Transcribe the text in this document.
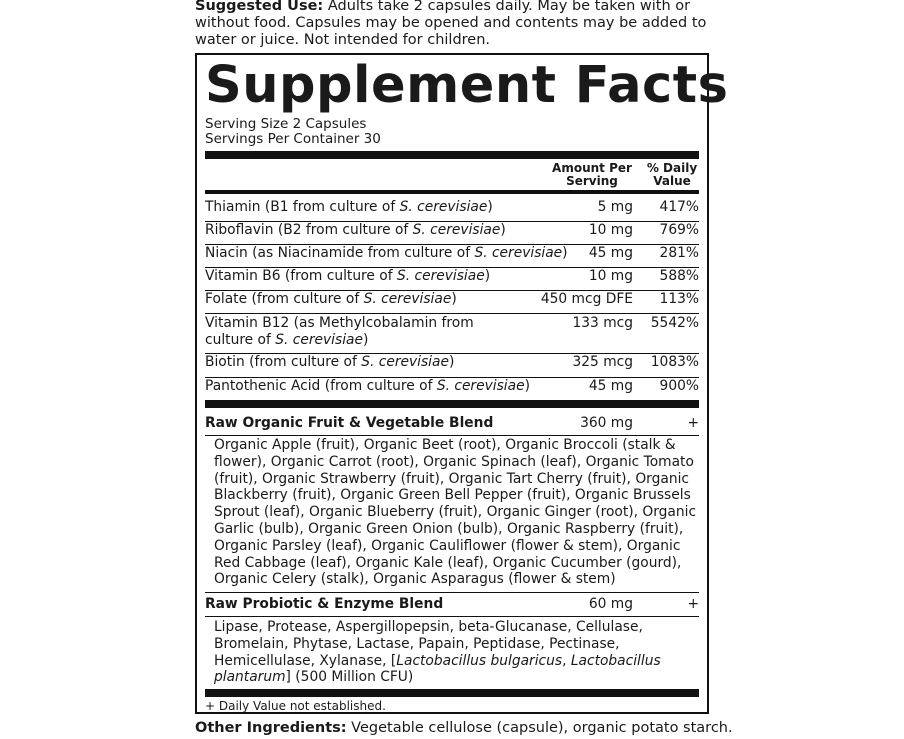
Suggested Use: Adults take 2 capsules daily. May be taken with or without food. Capsules may be opened and contents may be added to water or juice. Not intended for children.
Supplement Facts
Serving Size 2 Capsules
Servings Per Container 30
Amount Per
Serving
% Daily
Value
Thiamin (B1 from culture of S. cerevisiae)	5 mg 417%
Riboflavin (B2 from culture of S. cerevisiae)	10 mg 769%
Niacin (as Niacinamide from culture of S. cerevisiae) 45 mg 281%
Vitamin B6 (from culture of S. cerevisiae)	10 mg 588%
Folate (from culture of S. cerevisiae)	450 mcg DFE 113%
Vitamin B12 (as Methylcobalamin from
culture of S. cerevisiae)
133 mcg 5542%
Biotin (from culture of S. cerevisiae)	325 mcg 1083%
Pantothenic Acid (from culture of S. cerevisiae)	45 mg 900%
Raw Organic Fruit & Vegetable Blend	360 mg	+
Organic Apple (fruit), Organic Beet (root), Organic Broccoli (stalk & flower), Organic Carrot (root), Organic Spinach (leaf), Organic Tomato (fruit), Organic Strawberry (fruit), Organic Tart Cherry (fruit), Organic Blackberry (fruit), Organic Green Bell Pepper (fruit), Organic Brussels Sprout (leaf), Organic Blueberry (fruit), Organic Ginger (root), Organic Garlic (bulb), Organic Green Onion (bulb), Organic Raspberry (fruit), Organic Parsley (leaf), Organic Cauliflower (flower & stem), Organic Red Cabbage (leaf), Organic Kale (leaf), Organic Cucumber (gourd), Organic Celery (stalk), Organic Asparagus (flower & stem)
Raw Probiotic & Enzyme Blend	60 mg	+
Lipase, Protease, Aspergillopepsin, beta-Glucanase, Cellulase, Bromelain, Phytase, Lactase, Papain, Peptidase, Pectinase, Hemicellulase, Xylanase, [Lactobacillus bulgaricus, Lactobacillus plantarum] (500 Million CFU)
+ Daily Value not established.
Other Ingredients: Vegetable cellulose (capsule), organic potato starch.
